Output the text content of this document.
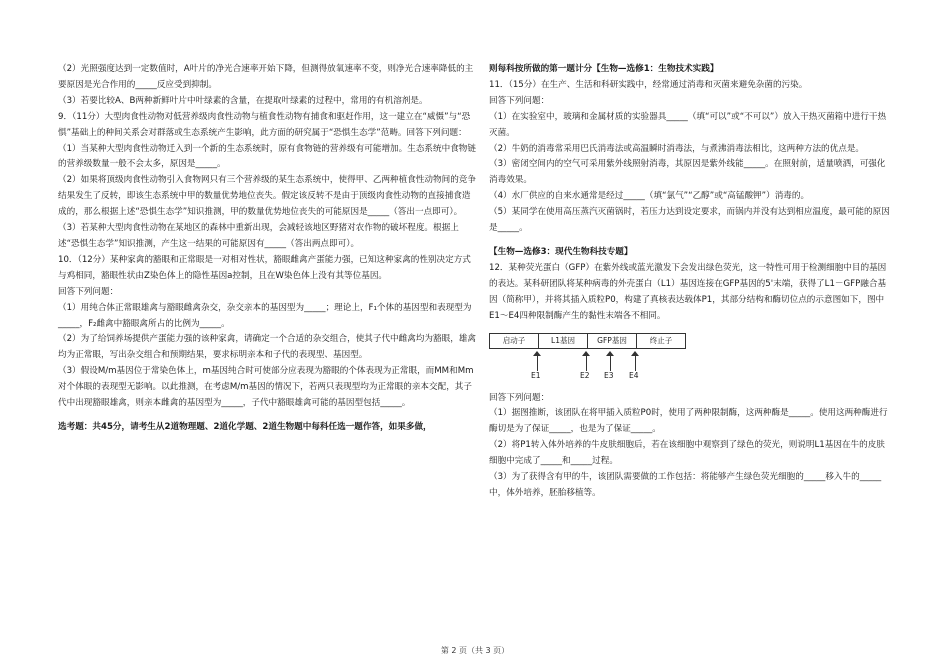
（2）光照强度达到一定数值时，A叶片的净光合速率开始下降，但测得放氧速率不变，则净光合速率降低的主要原因是光合作用的_____反应受到抑制。

（3）若要比较A、B两种新鲜叶片中叶绿素的含量，在提取叶绿素的过程中，常用的有机溶剂是。

9．（11分）大型肉食性动物对低营养级肉食性动物与植食性动物有捕食和驱赶作用，这一建立在“威慑”与“恐惧”基础上的种间关系会对群落或生态系统产生影响，此方面的研究属于“恐惧生态学”范畴。回答下列问题：

（1）当某种大型肉食性动物迁入到一个新的生态系统时，原有食物链的营养级有可能增加。生态系统中食物链的营养级数量一般不会太多，原因是_____。

（2）如果将顶级肉食性动物引入食物网只有三个营养级的某生态系统中，使得甲、乙两种植食性动物间的竞争结果发生了反转，即该生态系统中甲的数量优势地位丧失。假定该反转不是由于顶级肉食性动物的直接捕食造成的，那么根据上述“恐惧生态学”知识推测，甲的数量优势地位丧失的可能原因是_____（答出一点即可）。

（3）若某种大型肉食性动物在某地区的森林中重新出现，会减轻该地区野猪对农作物的破坏程度。根据上述“恐惧生态学”知识推测，产生这一结果的可能原因有_____（答出两点即可）。

10．（12分）某种家禽的豁眼和正常眼是一对相对性状，豁眼雌禽产蛋能力强，已知这种家禽的性别决定方式与鸡相同，豁眼性状由Z染色体上的隐性基因a控制，且在W染色体上没有其等位基因。

回答下列问题：

（1）用纯合体正常眼雄禽与豁眼雌禽杂交，杂交亲本的基因型为_____；理论上，F₁个体的基因型和表现型为_____，F₂雌禽中豁眼禽所占的比例为_____。

（2）为了给饲养场提供产蛋能力强的该种家禽，请确定一个合适的杂交组合，使其子代中雌禽均为豁眼，雄禽均为正常眼，写出杂交组合和预期结果，要求标明亲本和子代的表现型、基因型。

（3）假设M/m基因位于常染色体上，m基因纯合时可使部分应表现为豁眼的个体表现为正常眼，而MM和Mm对个体眼的表现型无影响。以此推测，在考虑M/m基因的情况下，若两只表现型均为正常眼的亲本交配，其子代中出现豁眼雄禽，则亲本雌禽的基因型为_____，子代中豁眼雄禽可能的基因型包括_____。

选考题：共45分，请考生从2道物理题、2道化学题、2道生物题中每科任选一题作答，如果多做，

则每科按所做的第一题计分【生物—选修1：生物技术实践】

11．（15分）在生产、生活和科研实践中，经常通过消毒和灭菌来避免杂菌的污染。

回答下列问题：

（1）在实验室中，玻璃和金属材质的实验器具_____（填“可以”或“不可以”）放入干热灭菌箱中进行干热灭菌。

（2）牛奶的消毒常采用巴氏消毒法或高温瞬时消毒法，与煮沸消毒法相比，这两种方法的优点是。

（3）密闭空间内的空气可采用紫外线照射消毒，其原因是紫外线能_____。在照射前，适量喷洒，可强化消毒效果。

（4）水厂供应的自来水通常是经过_____（填“氯气”“乙醇”或“高锰酸钾”）消毒的。

（5）某同学在使用高压蒸汽灭菌锅时，若压力达到设定要求，而锅内并没有达到相应温度，最可能的原因是_____。

【生物—选修3：现代生物科技专题】

12．某种荧光蛋白（GFP）在紫外线或蓝光激发下会发出绿色荧光，这一特性可用于检测细胞中目的基因的表达。某科研团队将某种病毒的外壳蛋白（L1）基因连接在GFP基因的5'末端，获得了L1－GFP融合基因（简称甲），并将其插入质粒P0，构建了真核表达载体P1，其部分结构和酶切位点的示意图如下，图中E1～E4四种限制酶产生的黏性末端各不相同。

启动子	L1基因	GFP基因	终止子
E1	E2 E3 E4

回答下列问题：

（1）据图推断，该团队在将甲插入质粒P0时，使用了两种限制酶，这两种酶是_____。使用这两种酶进行酶切是为了保证_____，也是为了保证_____。

（2）将P1转入体外培养的牛皮肤细胞后，若在该细胞中观察到了绿色的荧光，则说明L1基因在牛的皮肤细胞中完成了_____和_____过程。

（3）为了获得含有甲的牛，该团队需要做的工作包括：将能够产生绿色荧光细胞的_____移入牛的_____中，体外培养，胚胎移植等。

第 2 页（共 3 页）
